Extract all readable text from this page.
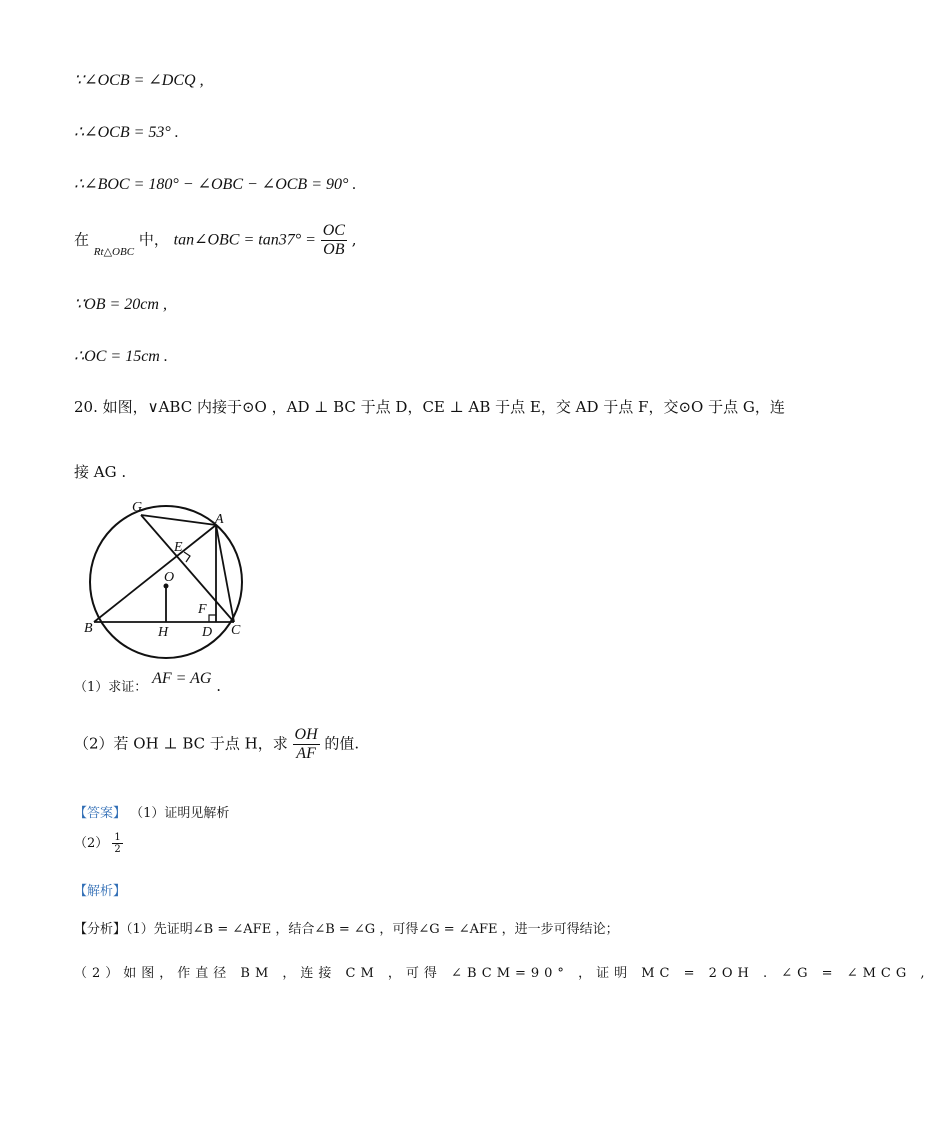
∵∠OCB = ∠DCQ ,
∴∠OCB = 53° .
∴∠BOC = 180° − ∠OBC − ∠OCB = 90° .
在 $_{Rt\triangle OBC}$ 中， tan∠OBC = $\tan 37^\circ = \frac{OC}{OB}$ ,
∵OB = 20cm ,
∴OC = 15cm .
20. 如图，∨ABC 内接于⊙O ，AD ⊥ BC 于点 D，CE ⊥ AB 于点 E，交 AD 于点 F，交⊙O 于点 G，连
接 AG .
G
A
E
O
F
B	H D C
（1）求证： AF = AG .
（2）若 OH ⊥ BC 于点 H，求 $\frac{OH}{AF}$ 的值.
【答案】 （1）证明见解析
$(2) \frac{1}{2}$
【解析】
【分析】（1）先证明∠B = ∠AFE ，结合∠B = ∠G ，可得∠G = ∠AFE ，进一步可得结论；
（2）如图，作直径 BM ，连接 CM ，可得 ∠BCM=90° ，证明 MC = 2OH . ∠G = ∠MCG ,
